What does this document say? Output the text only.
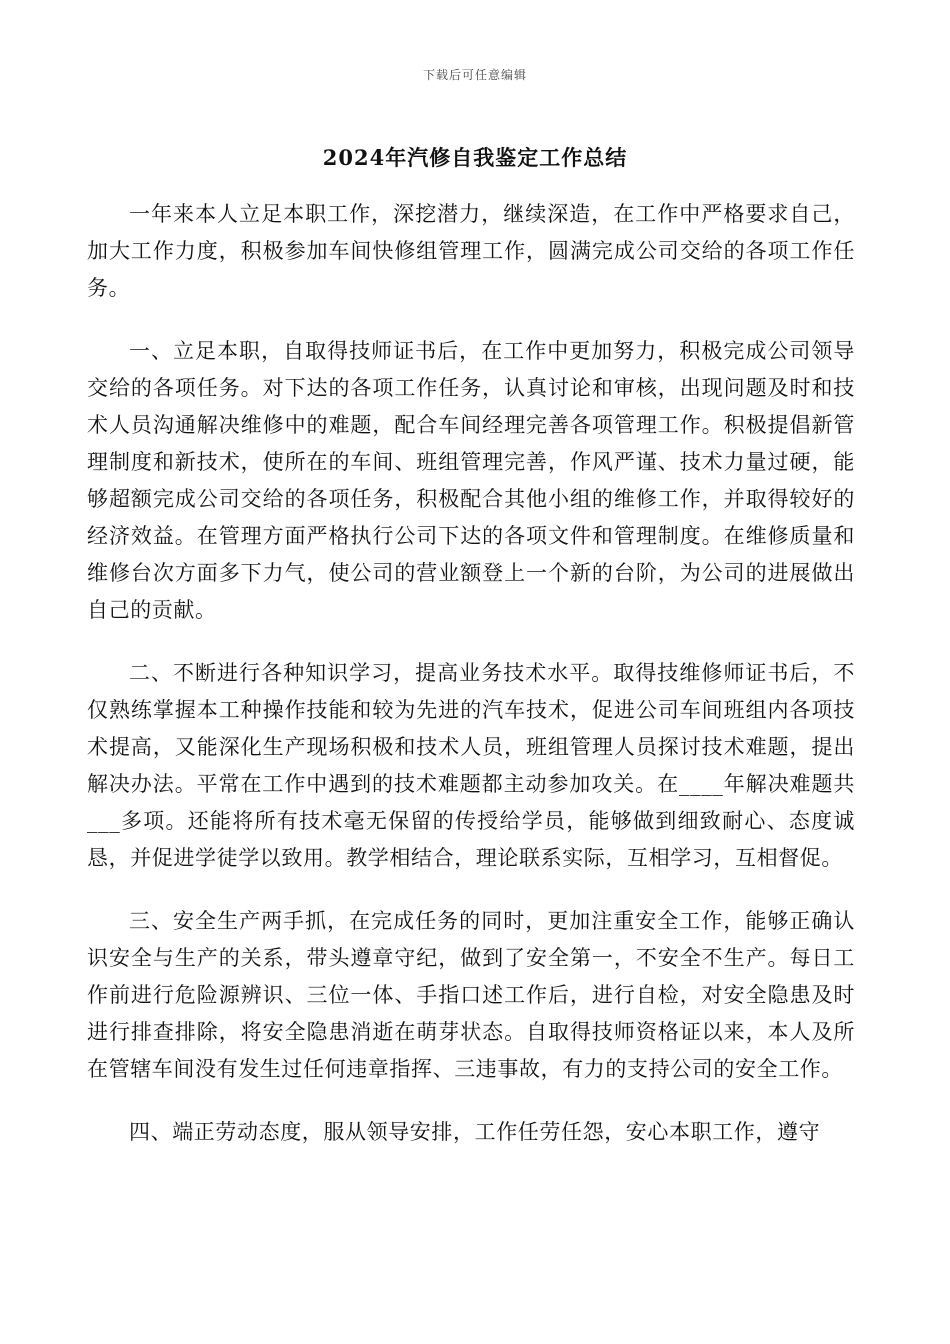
下载后可任意编辑
2024年汽修自我鉴定工作总结

一年来本人立足本职工作，深挖潜力，继续深造，在工作中严格要求自己，加大工作力度，积极参加车间快修组管理工作，圆满完成公司交给的各项工作任务。

一、立足本职，自取得技师证书后，在工作中更加努力，积极完成公司领导交给的各项任务。对下达的各项工作任务，认真讨论和审核，出现问题及时和技术人员沟通解决维修中的难题，配合车间经理完善各项管理工作。积极提倡新管理制度和新技术，使所在的车间、班组管理完善，作风严谨、技术力量过硬，能够超额完成公司交给的各项任务，积极配合其他小组的维修工作，并取得较好的经济效益。在管理方面严格执行公司下达的各项文件和管理制度。在维修质量和维修台次方面多下力气，使公司的营业额登上一个新的台阶，为公司的进展做出自己的贡献。

二、不断进行各种知识学习，提高业务技术水平。取得技维修师证书后，不仅熟练掌握本工种操作技能和较为先进的汽车技术，促进公司车间班组内各项技术提高，又能深化生产现场积极和技术人员，班组管理人员探讨技术难题，提出解决办法。平常在工作中遇到的技术难题都主动参加攻关。在____年解决难题共___多项。还能将所有技术毫无保留的传授给学员，能够做到细致耐心、态度诚恳，并促进学徒学以致用。教学相结合，理论联系实际，互相学习，互相督促。

三、安全生产两手抓，在完成任务的同时，更加注重安全工作，能够正确认识安全与生产的关系，带头遵章守纪，做到了安全第一，不安全不生产。每日工作前进行危险源辨识、三位一体、手指口述工作后，进行自检，对安全隐患及时进行排查排除，将安全隐患消逝在萌芽状态。自取得技师资格证以来，本人及所在管辖车间没有发生过任何违章指挥、三违事故，有力的支持公司的安全工作。

四、端正劳动态度，服从领导安排，工作任劳任怨，安心本职工作，遵守
